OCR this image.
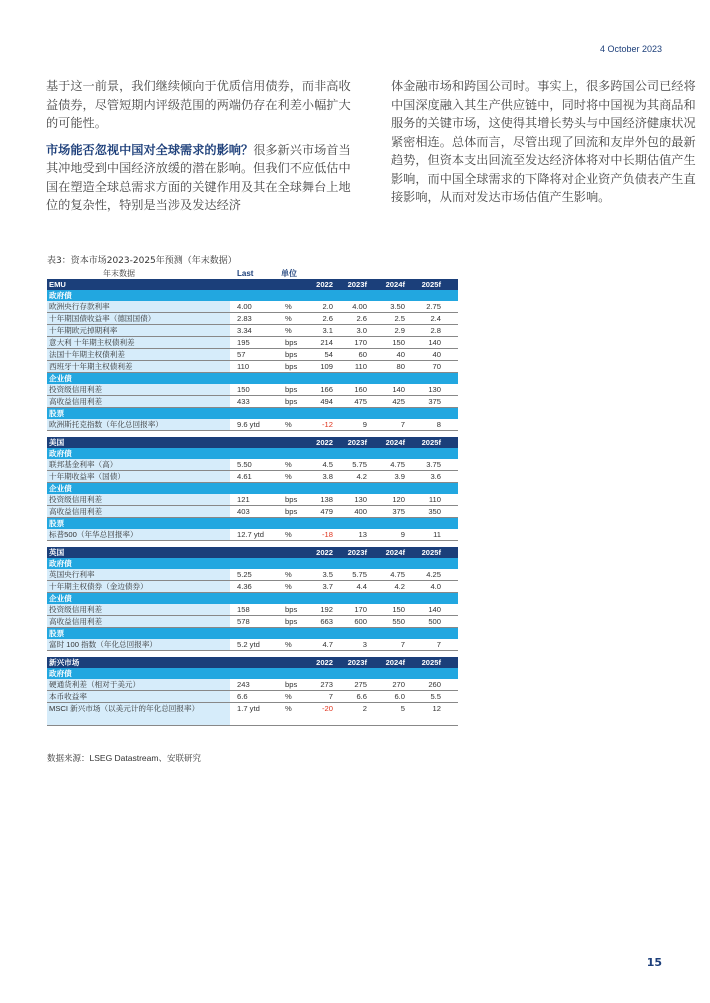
4 October 2023

基于这一前景，我们继续倾向于优质信用债券，而非高收益债券，尽管短期内评级范围的两端仍存在利差小幅扩大的可能性。

市场能否忽视中国对全球需求的影响？很多新兴市场首当其冲地受到中国经济放缓的潜在影响。但我们不应低估中国在塑造全球总需求方面的关键作用及其在全球舞台上地位的复杂性，特别是当涉及发达经济

体金融市场和跨国公司时。事实上，很多跨国公司已经将中国深度融入其生产供应链中，同时将中国视为其商品和服务的关键市场，这使得其增长势头与中国经济健康状况紧密相连。总体而言，尽管出现了回流和友岸外包的最新趋势，但资本支出回流至发达经济体将对中长期估值产生影响，而中国全球需求的下降将对企业资产负债表产生直接影响，从而对发达市场估值产生影响。

表3：资本市场2023-2025年预测（年末数据）
年末数据	Last	单位
EMU	2022 2023f 2024f 2025f
政府债
欧洲央行存款利率	4.00	%	2.0	4.00	3.50	2.75
十年期国债收益率（德国国债）	2.83	%	2.6	2.6	2.5	2.4
十年期欧元掉期利率	3.34	%	3.1	3.0	2.9	2.8
意大利 十年期主权债利差	195	bps	214	170	150	140
法国十年期主权债利差	57	bps	54	60	40	40
西班牙十年期主权债利差	110	bps	109	110	80	70
企业债
投资级信用利差	150	bps	166	160	140	130
高收益信用利差	433	bps	494	475	425	375
股票
欧洲斯托克指数（年化总回报率）	9.6 ytd	%	-12	9	7	8
美国	2022 2023f 2024f 2025f
政府债
联邦基金利率（高）	5.50	%	4.5	5.75	4.75	3.75
十年期收益率（国债）	4.61	%	3.8	4.2	3.9	3.6
企业债
投资级信用利差	121	bps	138	130	120	110
高收益信用利差	403	bps	479	400	375	350
股票
标普500（年华总回报率）	12.7 ytd	%	-18	13	9	11
英国	2022 2023f 2024f 2025f
政府债
英国央行利率	5.25	%	3.5	5.75	4.75	4.25
十年期主权债券（金边债券）	4.36	%	3.7	4.4	4.2	4.0
企业债
投资级信用利差	158	bps	192	170	150	140
高收益信用利差	578	bps	663	600	550	500
股票
富时 100 指数（年化总回报率）	5.2 ytd	%	4.7	3	7	7
新兴市场	2022 2023f 2024f 2025f
政府债
硬通货利差（相对于美元）	243	bps	273	275	270	260
本币收益率	6.6	%	7	6.6	6.0	5.5
MSCI 新兴市场（以美元计的年化总回报率）	1.7 ytd	%	-20	2	5	12
数据来源：LSEG Datastream、安联研究
15
